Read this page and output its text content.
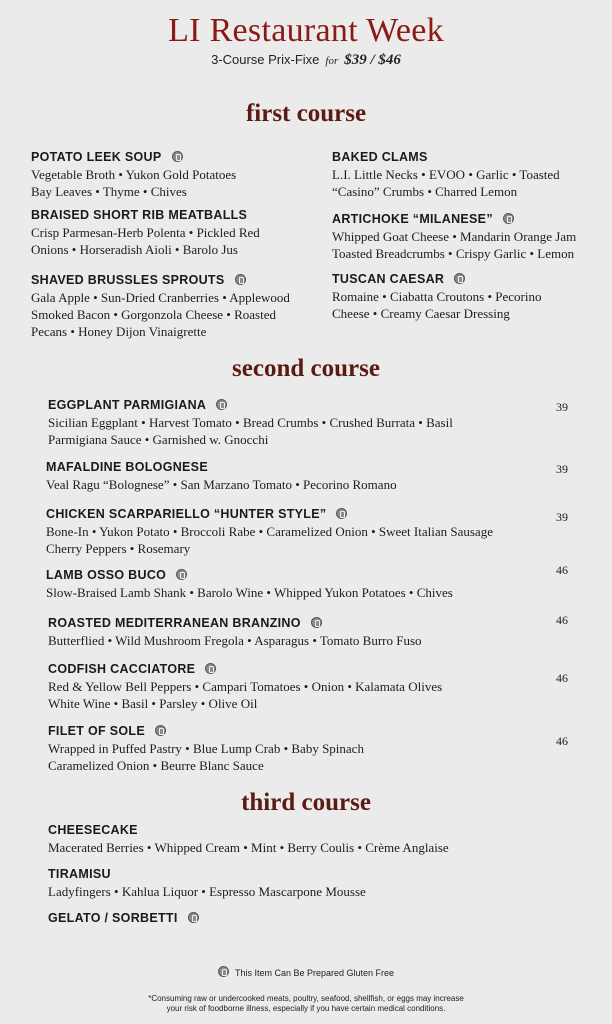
LI Restaurant Week
3-Course Prix-Fixe for $39 / $46
first course
POTATO LEEK SOUP
Vegetable Broth • Yukon Gold Potatoes
Bay Leaves • Thyme • Chives
BRAISED SHORT RIB MEATBALLS
Crisp Parmesan-Herb Polenta • Pickled Red
Onions • Horseradish Aioli • Barolo Jus
SHAVED BRUSSLES SPROUTS
Gala Apple • Sun-Dried Cranberries • Applewood
Smoked Bacon • Gorgonzola Cheese • Roasted
Pecans • Honey Dijon Vinaigrette
BAKED CLAMS
L.I. Little Necks • EVOO • Garlic • Toasted
“Casino” Crumbs • Charred Lemon
ARTICHOKE “MILANESE”
Whipped Goat Cheese • Mandarin Orange Jam
Toasted Breadcrumbs • Crispy Garlic • Lemon
TUSCAN CAESAR
Romaine • Ciabatta Croutons • Pecorino
Cheese • Creamy Caesar Dressing
second course
EGGPLANT PARMIGIANA
Sicilian Eggplant • Harvest Tomato • Bread Crumbs • Crushed Burrata • Basil
Parmigiana Sauce • Garnished w. Gnocchi
39
MAFALDINE BOLOGNESE
Veal Ragu “Bolognese” • San Marzano Tomato • Pecorino Romano
39
CHICKEN SCARPARIELLO “HUNTER STYLE”
Bone-In • Yukon Potato • Broccoli Rabe • Caramelized Onion • Sweet Italian Sausage
Cherry Peppers • Rosemary
39
LAMB OSSO BUCO
Slow-Braised Lamb Shank • Barolo Wine • Whipped Yukon Potatoes • Chives
46
ROASTED MEDITERRANEAN BRANZINO
Butterflied • Wild Mushroom Fregola • Asparagus • Tomato Burro Fuso
46
CODFISH CACCIATORE
Red & Yellow Bell Peppers • Campari Tomatoes • Onion • Kalamata Olives
White Wine • Basil • Parsley • Olive Oil
46
FILET OF SOLE
Wrapped in Puffed Pastry • Blue Lump Crab • Baby Spinach
Caramelized Onion • Beurre Blanc Sauce
46
third course
CHEESECAKE
Macerated Berries • Whipped Cream • Mint • Berry Coulis • Crème Anglaise
TIRAMISU
Ladyfingers • Kahlua Liquor • Espresso Mascarpone Mousse
GELATO / SORBETTI
This Item Can Be Prepared Gluten Free
*Consuming raw or undercooked meats, poultry, seafood, shellfish, or eggs may increase
your risk of foodborne illness, especially if you have certain medical conditions.
